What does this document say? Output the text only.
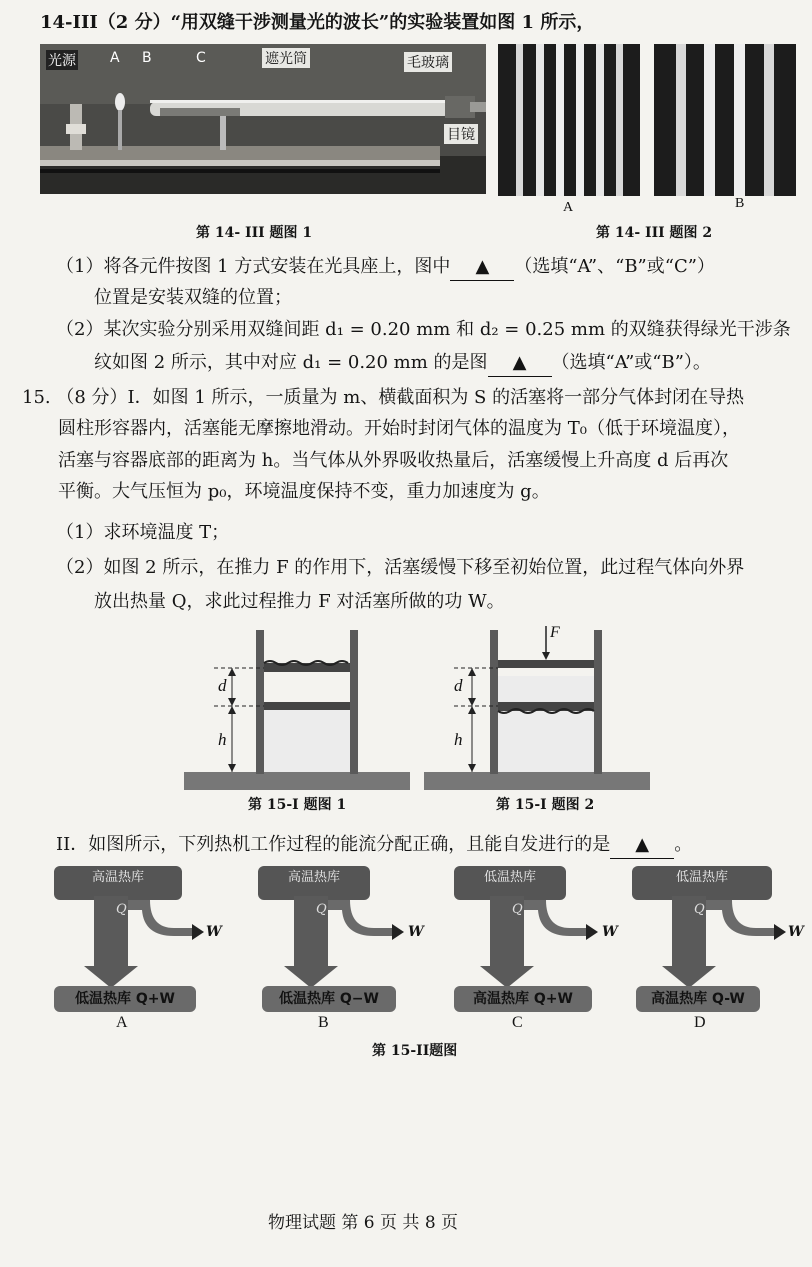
14-III（2 分）“用双缝干涉测量光的波长”的实验装置如图 1 所示，
光源 A B	C	遮光筒	毛玻璃
目镜
A	B
第 14- III 题图 1	第 14- III 题图 2
（1）将各元件按图 1 方式安装在光具座上，图中 ▲ （选填“A”、“B”或“C”）
位置是安装双缝的位置；
（2）某次实验分别采用双缝间距 d₁ = 0.20 mm 和 d₂ = 0.25 mm 的双缝获得绿光干涉条
纹如图 2 所示，其中对应 d₁ = 0.20 mm 的是图 ▲ （选填“A”或“B”）。
15. （8 分）I．如图 1 所示，一质量为 m、横截面积为 S 的活塞将一部分气体封闭在导热
圆柱形容器内，活塞能无摩擦地滑动。开始时封闭气体的温度为 T₀（低于环境温度），
活塞与容器底部的距离为 h。当气体从外界吸收热量后，活塞缓慢上升高度 d 后再次
平衡。大气压恒为 p₀，环境温度保持不变，重力加速度为 g。
（1）求环境温度 T；
（2）如图 2 所示，在推力 F 的作用下，活塞缓慢下移至初始位置，此过程气体向外界
放出热量 Q，求此过程推力 F 对活塞所做的功 W。
d
h
F
d
h
第 15-I 题图 1	第 15-I 题图 2
II．如图所示，下列热机工作过程的能流分配正确，且能自发进行的是 ▲ 。
高温热库
Q
W
低温热库 Q+W
A
高温热库
Q
W
低温热库 Q−W
B
低温热库
Q
W
高温热库 Q+W
C
低温热库
Q
W
高温热库 Q-W
D
第 15-II题图
物理试题 第 6 页 共 8 页
